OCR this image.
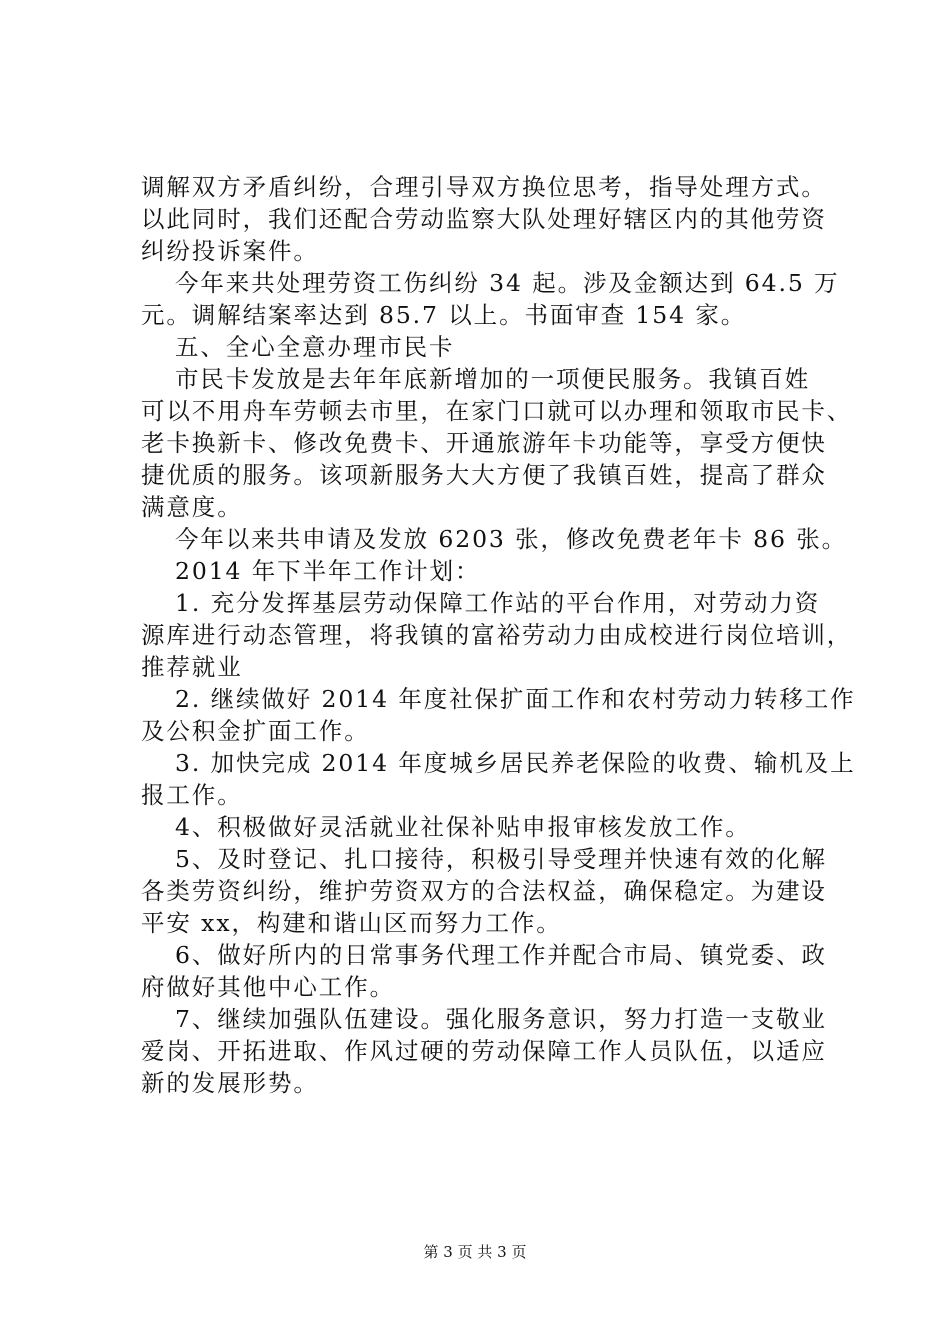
调解双方矛盾纠纷，合理引导双方换位思考，指导处理方式。
以此同时，我们还配合劳动监察大队处理好辖区内的其他劳资
纠纷投诉案件。
今年来共处理劳资工伤纠纷 34 起。涉及金额达到 64.5 万
元。调解结案率达到 85.7 以上。书面审查 154 家。
五、全心全意办理市民卡
市民卡发放是去年年底新增加的一项便民服务。我镇百姓
可以不用舟车劳顿去市里，在家门口就可以办理和领取市民卡、
老卡换新卡、修改免费卡、开通旅游年卡功能等，享受方便快
捷优质的服务。该项新服务大大方便了我镇百姓，提高了群众
满意度。
今年以来共申请及发放 6203 张，修改免费老年卡 86 张。
2014 年下半年工作计划：
1. 充分发挥基层劳动保障工作站的平台作用，对劳动力资
源库进行动态管理，将我镇的富裕劳动力由成校进行岗位培训，
推荐就业
2. 继续做好 2014 年度社保扩面工作和农村劳动力转移工作
及公积金扩面工作。
3. 加快完成 2014 年度城乡居民养老保险的收费、输机及上
报工作。
4、积极做好灵活就业社保补贴申报审核发放工作。
5、及时登记、扎口接待，积极引导受理并快速有效的化解
各类劳资纠纷，维护劳资双方的合法权益，确保稳定。为建设
平安 xx，构建和谐山区而努力工作。
6、做好所内的日常事务代理工作并配合市局、镇党委、政
府做好其他中心工作。
7、继续加强队伍建设。强化服务意识，努力打造一支敬业
爱岗、开拓进取、作风过硬的劳动保障工作人员队伍，以适应
新的发展形势。
第 3 页 共 3 页
